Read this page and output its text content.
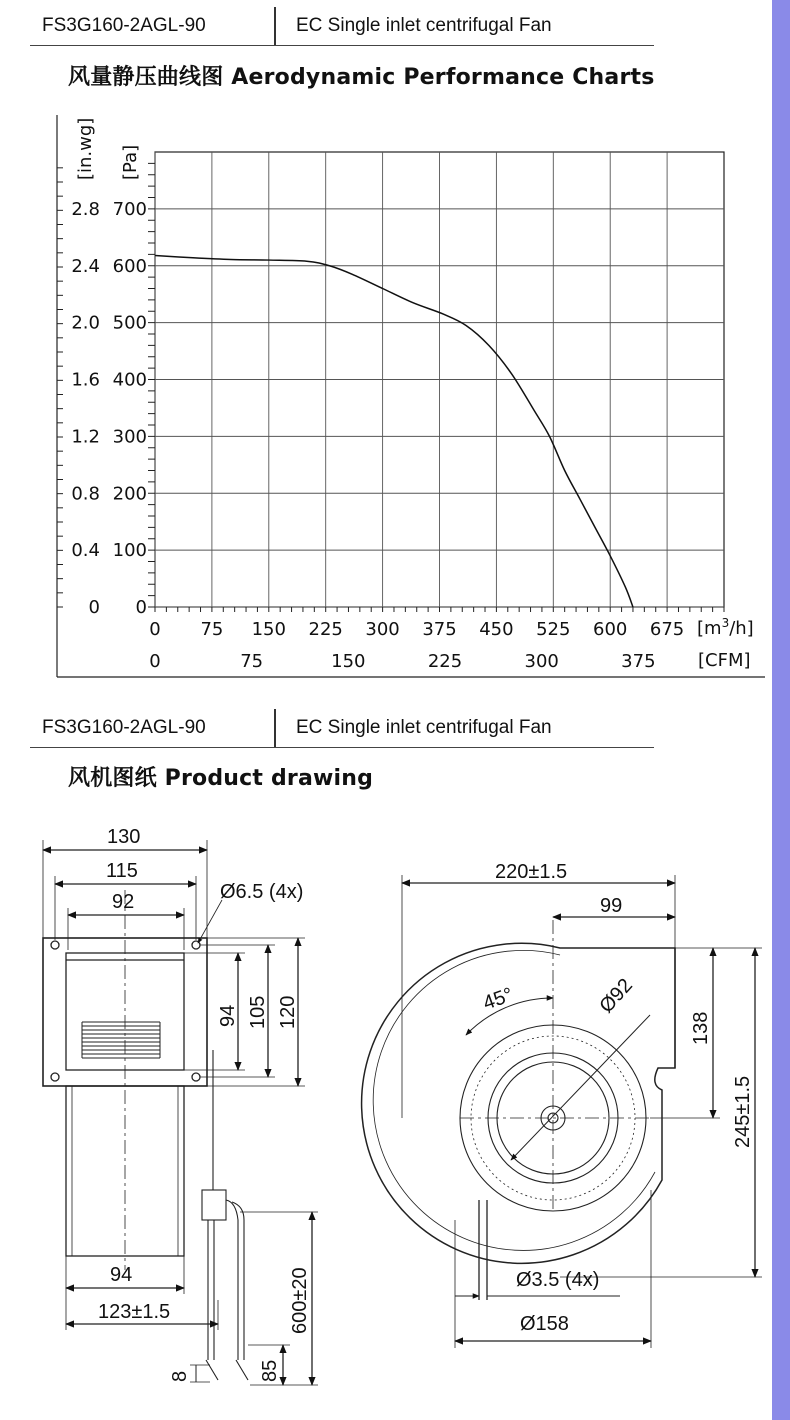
FS3G160-2AGL-90	EC Single inlet centrifugal Fan
风量静压曲线图 Aerodynamic Performance Charts
0
0
100
0.4
200
0.8
300
1.2
400
1.6
500
2.0
600
2.4
700
2.8
0 75 150 225 300 375 450 525 600 675
0	75	150	225	300	375
[in.wg] [Pa]
$[m^3/h]$
[CFM]
FS3G160-2AGL-90	EC Single inlet centrifugal Fan
风机图纸 Product drawing
130
115
92	Ø6.5 (4x)
94 105 120
94
123±1.5	600±20
8	85
220±1.5
99
45°	Ø92
138
245±1.5
Ø3.5 (4x)
Ø158
